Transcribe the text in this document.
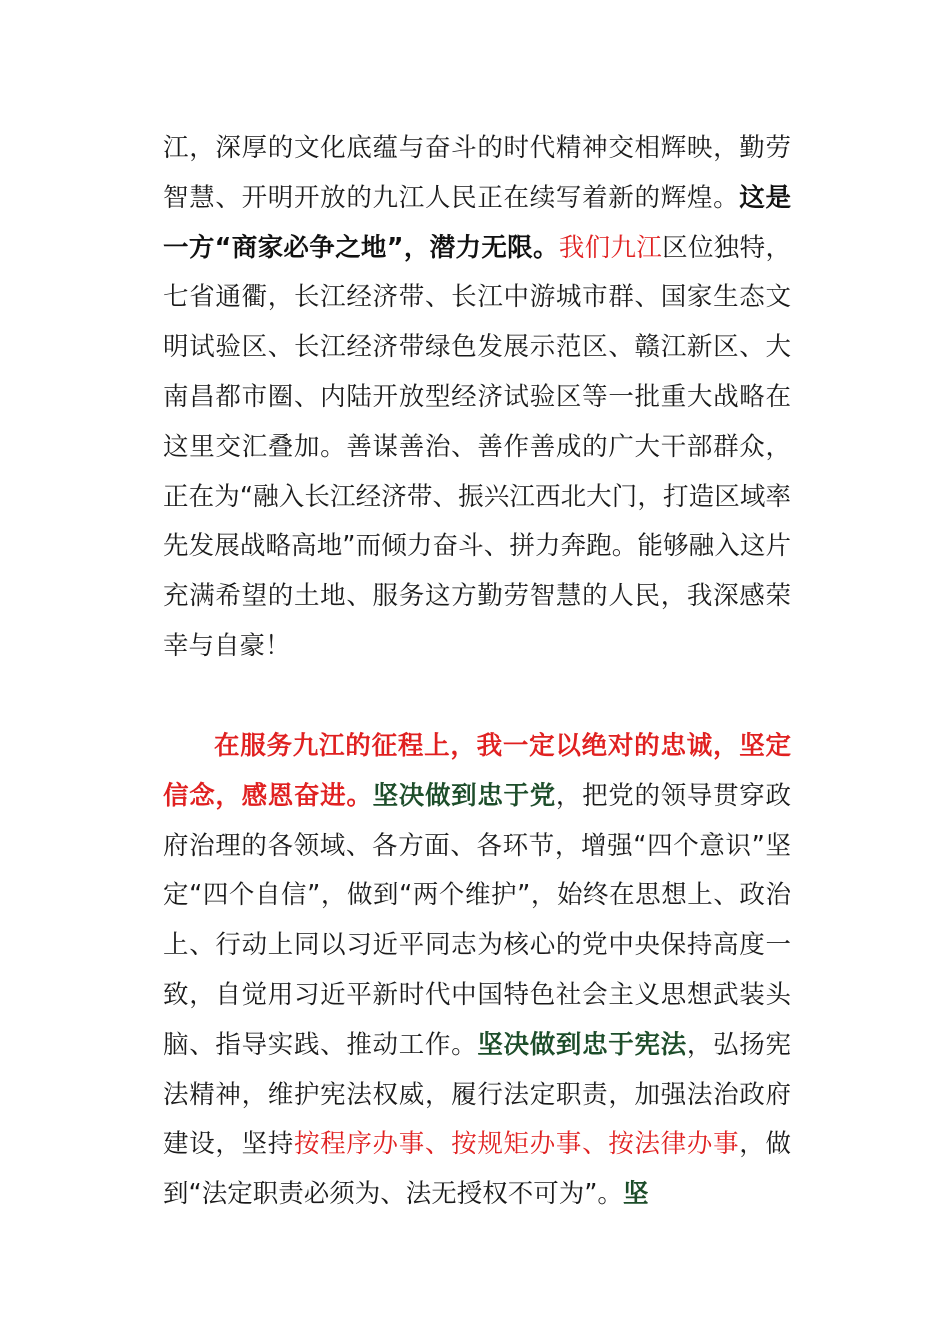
江，深厚的文化底蕴与奋斗的时代精神交相辉映，勤劳智慧、开明开放的九江人民正在续写着新的辉煌。这是一方“商家必争之地”，潜力无限。我们九江区位独特，七省通衢，长江经济带、长江中游城市群、国家生态文明试验区、长江经济带绿色发展示范区、赣江新区、大南昌都市圈、内陆开放型经济试验区等一批重大战略在这里交汇叠加。善谋善治、善作善成的广大干部群众，正在为“融入长江经济带、振兴江西北大门，打造区域率先发展战略高地”而倾力奋斗、拼力奔跑。能够融入这片充满希望的土地、服务这方勤劳智慧的人民，我深感荣幸与自豪！

在服务九江的征程上，我一定以绝对的忠诚，坚定信念，感恩奋进。坚决做到忠于党，把党的领导贯穿政府治理的各领域、各方面、各环节，增强“四个意识”坚定“四个自信”，做到“两个维护”，始终在思想上、政治上、行动上同以习近平同志为核心的党中央保持高度一致，自觉用习近平新时代中国特色社会主义思想武装头脑、指导实践、推动工作。坚决做到忠于宪法，弘扬宪法精神，维护宪法权威，履行法定职责，加强法治政府建设，坚持按程序办事、按规矩办事、按法律办事，做到“法定职责必须为、法无授权不可为”。坚
